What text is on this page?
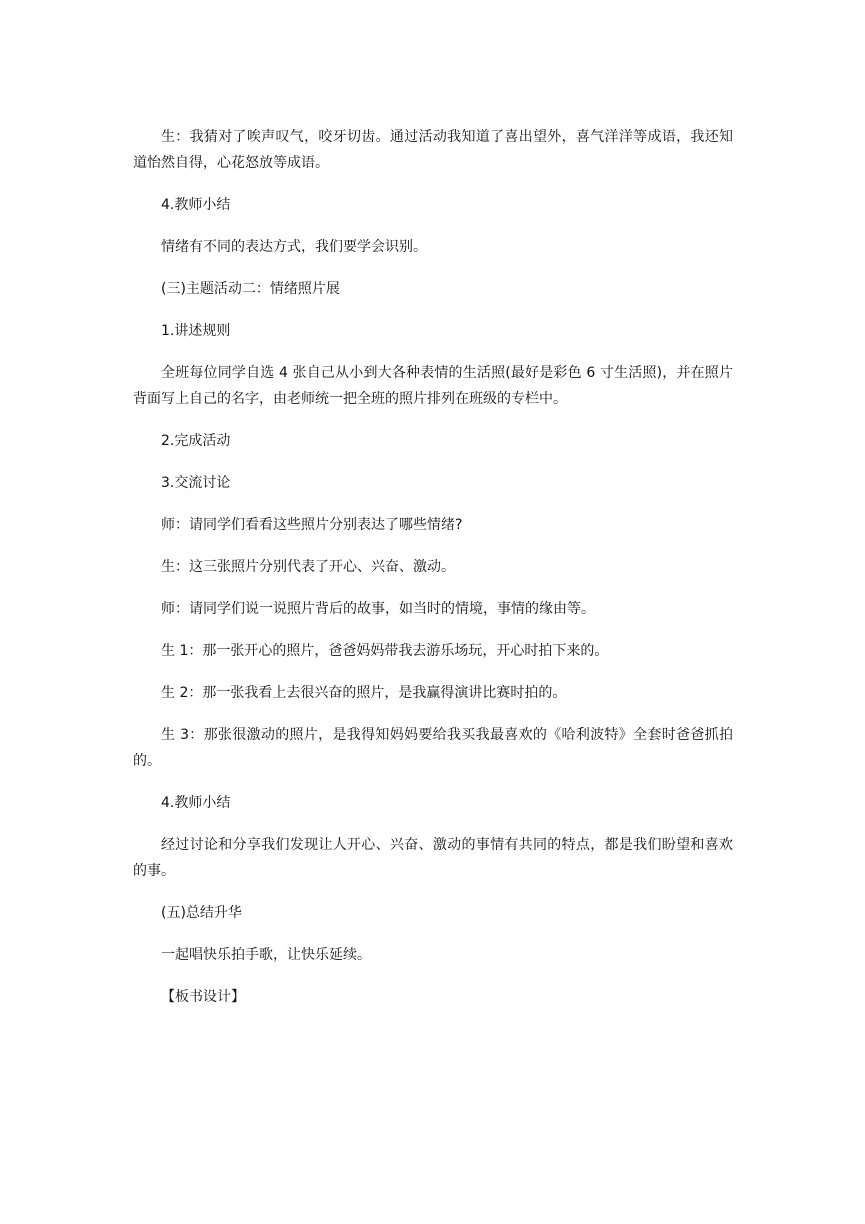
生：我猜对了唉声叹气，咬牙切齿。通过活动我知道了喜出望外，喜气洋洋等成语，我还知道怡然自得，心花怒放等成语。

4.教师小结

情绪有不同的表达方式，我们要学会识别。

(三)主题活动二：情绪照片展

1.讲述规则

全班每位同学自选 4 张自己从小到大各种表情的生活照(最好是彩色 6 寸生活照)，并在照片背面写上自己的名字，由老师统一把全班的照片排列在班级的专栏中。

2.完成活动

3.交流讨论

师：请同学们看看这些照片分别表达了哪些情绪?

生：这三张照片分别代表了开心、兴奋、激动。

师：请同学们说一说照片背后的故事，如当时的情境，事情的缘由等。

生 1：那一张开心的照片，爸爸妈妈带我去游乐场玩，开心时拍下来的。

生 2：那一张我看上去很兴奋的照片，是我赢得演讲比赛时拍的。

生 3：那张很激动的照片，是我得知妈妈要给我买我最喜欢的《哈利波特》全套时爸爸抓拍的。

4.教师小结

经过讨论和分享我们发现让人开心、兴奋、激动的事情有共同的特点，都是我们盼望和喜欢的事。

(五)总结升华

一起唱快乐拍手歌，让快乐延续。

【板书设计】
